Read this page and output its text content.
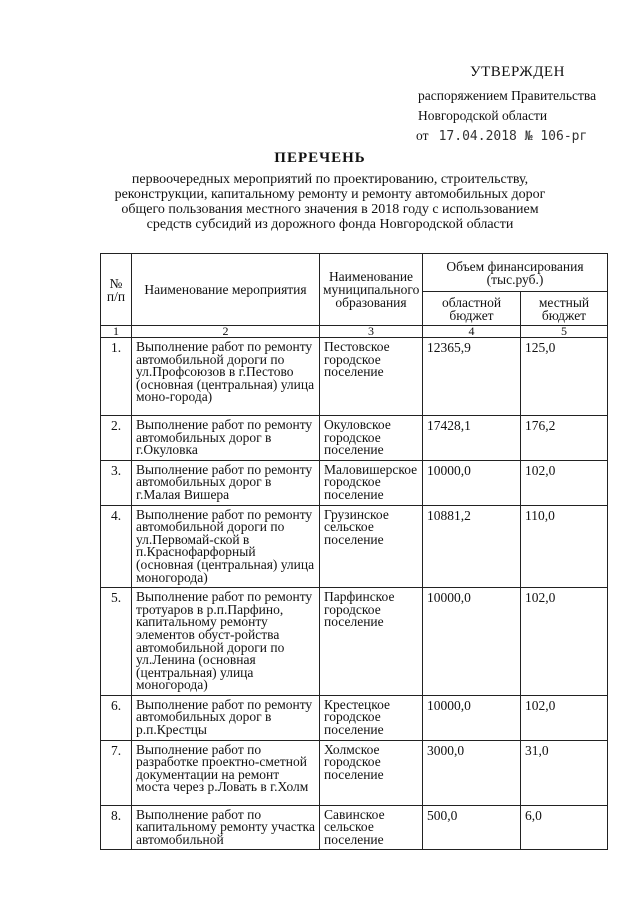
УТВЕРЖДЕН
распоряжением Правительства
Новгородской области
от 17.04.2018 № 106-рг
ПЕРЕЧЕНЬ
первоочередных мероприятий по проектированию, строительству, реконструкции, капитальному ремонту и ремонту автомобильных дорог общего пользования местного значения в 2018 году с использованием средств субсидий из дорожного фонда Новгородской области
№ п/п	Наименование мероприятия	Наименование муниципального образования	Объем финансирования (тыс.руб.)	
			областной бюджет	местный бюджет
1	2	3	4	5
1.	Выполнение работ по ремонту автомобильной дороги по ул.Профсоюзов в г.Пестово (основная (центральная) улица моно-города)	Пестовское городское поселение	12365,9	125,0
2.	Выполнение работ по ремонту автомобильных дорог в г.Окуловка	Окуловское городское поселение	17428,1	176,2
3.	Выполнение работ по ремонту автомобильных дорог в г.Малая Вишера	Маловишерское городское поселение	10000,0	102,0
4.	Выполнение работ по ремонту автомобильной дороги по ул.Первомай-ской в п.Краснофарфорный (основная (центральная) улица моногорода)	Грузинское сельское поселение	10881,2	110,0
5.	Выполнение работ по ремонту тротуаров в р.п.Парфино, капитальному ремонту элементов обуст-ройства автомобильной дороги по ул.Ленина (основная (центральная) улица моногорода)	Парфинское городское поселение	10000,0	102,0
6.	Выполнение работ по ремонту автомобильных дорог в р.п.Крестцы	Крестецкое городское поселение	10000,0	102,0
7.	Выполнение работ по разработке проектно-сметной документации на ремонт моста через р.Ловать в г.Холм	Холмское городское поселение	3000,0	31,0
8.	Выполнение работ по капитальному ремонту участка автомобильной	Савинское сельское поселение	500,0	6,0
